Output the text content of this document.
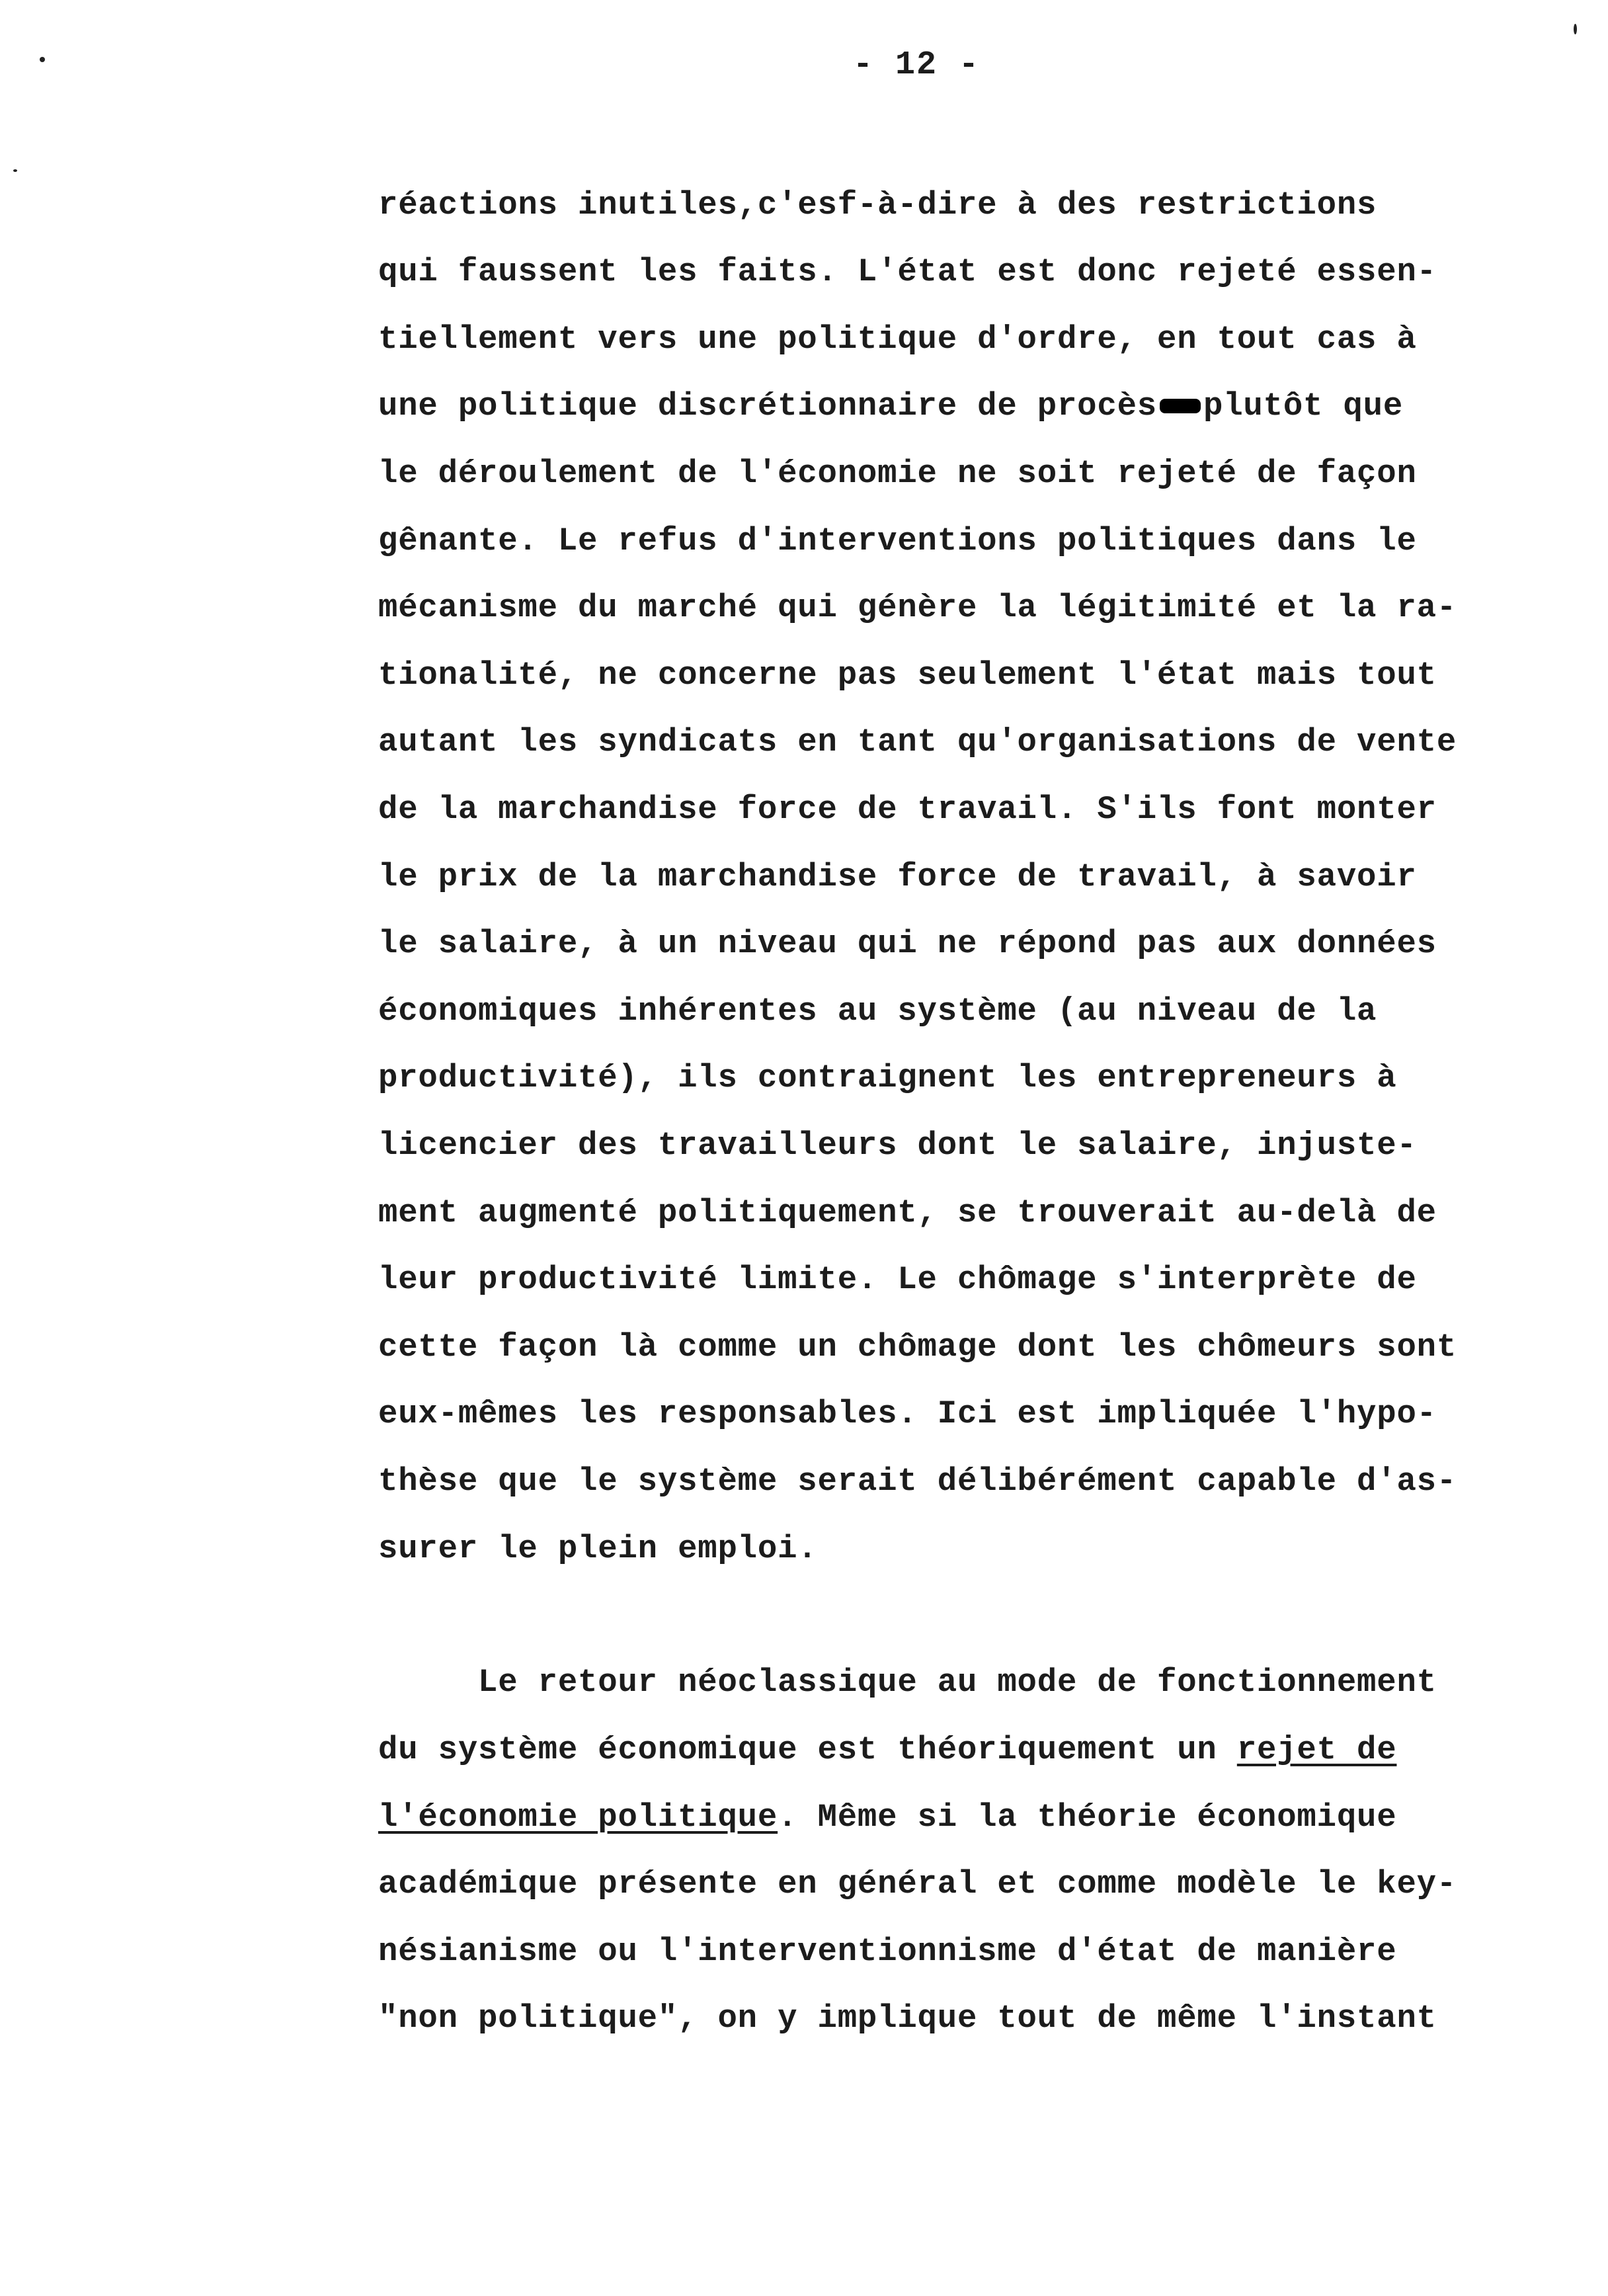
- 12 -
réactions inutiles,c'esf-à-dire à des restrictions
qui faussent les faits. L'état est donc rejeté essen-
tiellement vers une politique d'ordre, en tout cas à
une politique discrétionnaire de procès plutôt que
le déroulement de l'économie ne soit rejeté de façon
gênante. Le refus d'interventions politiques dans le
mécanisme du marché qui génère la légitimité et la ra-
tionalité, ne concerne pas seulement l'état mais tout
autant les syndicats en tant qu'organisations de vente
de la marchandise force de travail. S'ils font monter
le prix de la marchandise force de travail, à savoir
le salaire, à un niveau qui ne répond pas aux données
économiques inhérentes au système (au niveau de la
productivité), ils contraignent les entrepreneurs à
licencier des travailleurs dont le salaire, injuste-
ment augmenté politiquement, se trouverait au-delà de
leur productivité limite. Le chômage s'interprète de
cette façon là comme un chômage dont les chômeurs sont
eux-mêmes les responsables. Ici est impliquée l'hypo-
thèse que le système serait délibérément capable d'as-
surer le plein emploi.
Le retour néoclassique au mode de fonctionnement
du système économique est théoriquement un rejet de
l'économie politique. Même si la théorie économique
académique présente en général et comme modèle le key-
nésianisme ou l'interventionnisme d'état de manière
"non politique", on y implique tout de même l'instant
